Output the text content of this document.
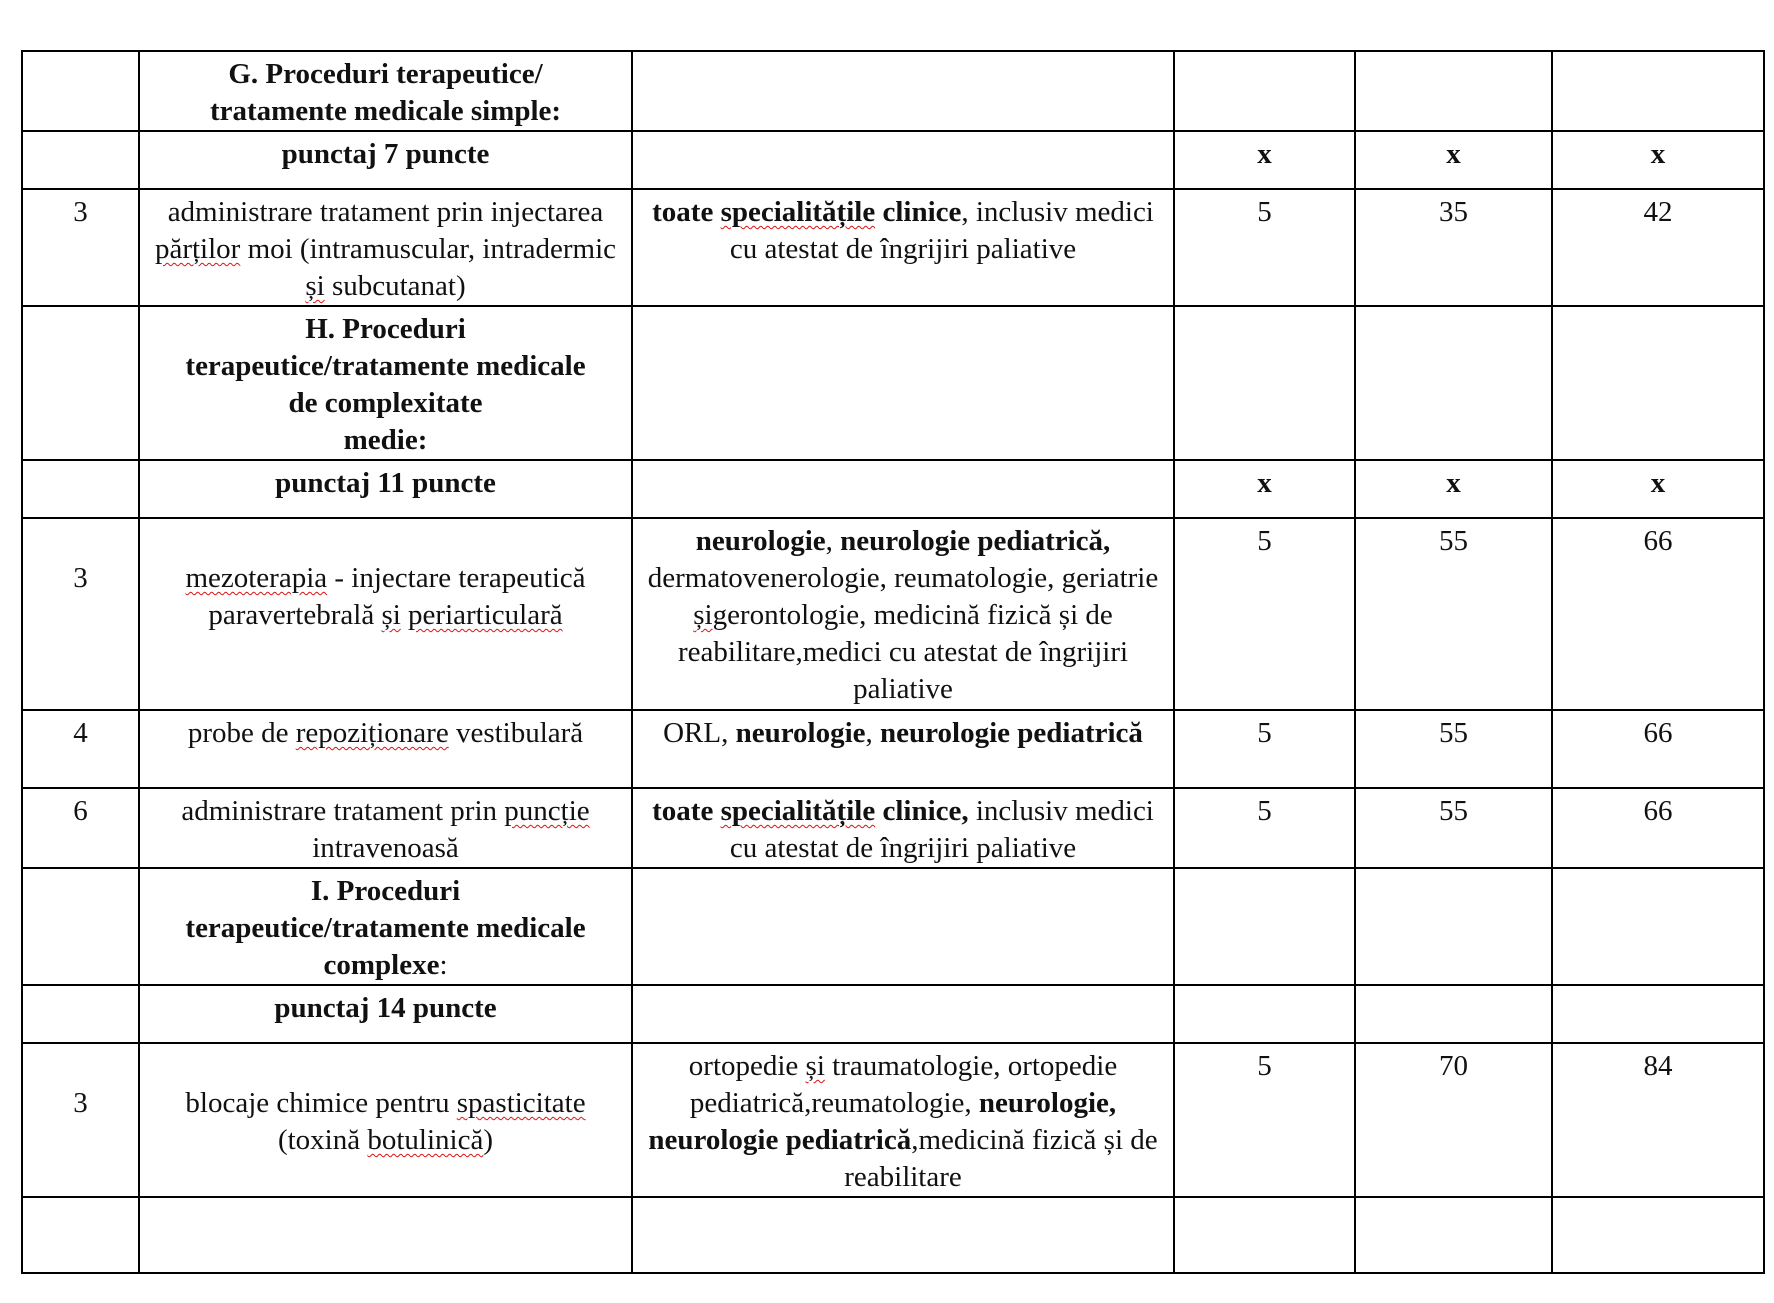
	G. Proceduri terapeutice/
tratamente medicale simple:				

	punctaj 7 puncte		x	x	x
3	administrare tratament prin injectarea părților moi (intramuscular, intradermic și subcutanat)	toate specialitățile clinice, inclusiv medici cu atestat de îngrijiri paliative	5	35	42

	H. Proceduri
terapeutice/tratamente medicale
de complexitate
medie:				

	punctaj 11 puncte		x	x	x

3	mezoterapia - injectare terapeutică paravertebrală și periarticulară	neurologie, neurologie pediatrică, dermatovenerologie, reumatologie, geriatrie șigerontologie, medicină fizică și de reabilitare,medici cu atestat de îngrijiri paliative	5	55	66
4	probe de repoziționare vestibulară	ORL, neurologie, neurologie pediatrică	5	55	66
6	administrare tratament prin puncție intravenoasă	toate specialitățile clinice, inclusiv medici cu atestat de îngrijiri paliative	5	55	66

	I. Proceduri
terapeutice/tratamente medicale
complexe:				

	punctaj 14 puncte				

3	blocaje chimice pentru spasticitate (toxină botulinică)	ortopedie și traumatologie, ortopedie pediatrică,reumatologie, neurologie, neurologie pediatrică,medicină fizică și de reabilitare	5	70	84
